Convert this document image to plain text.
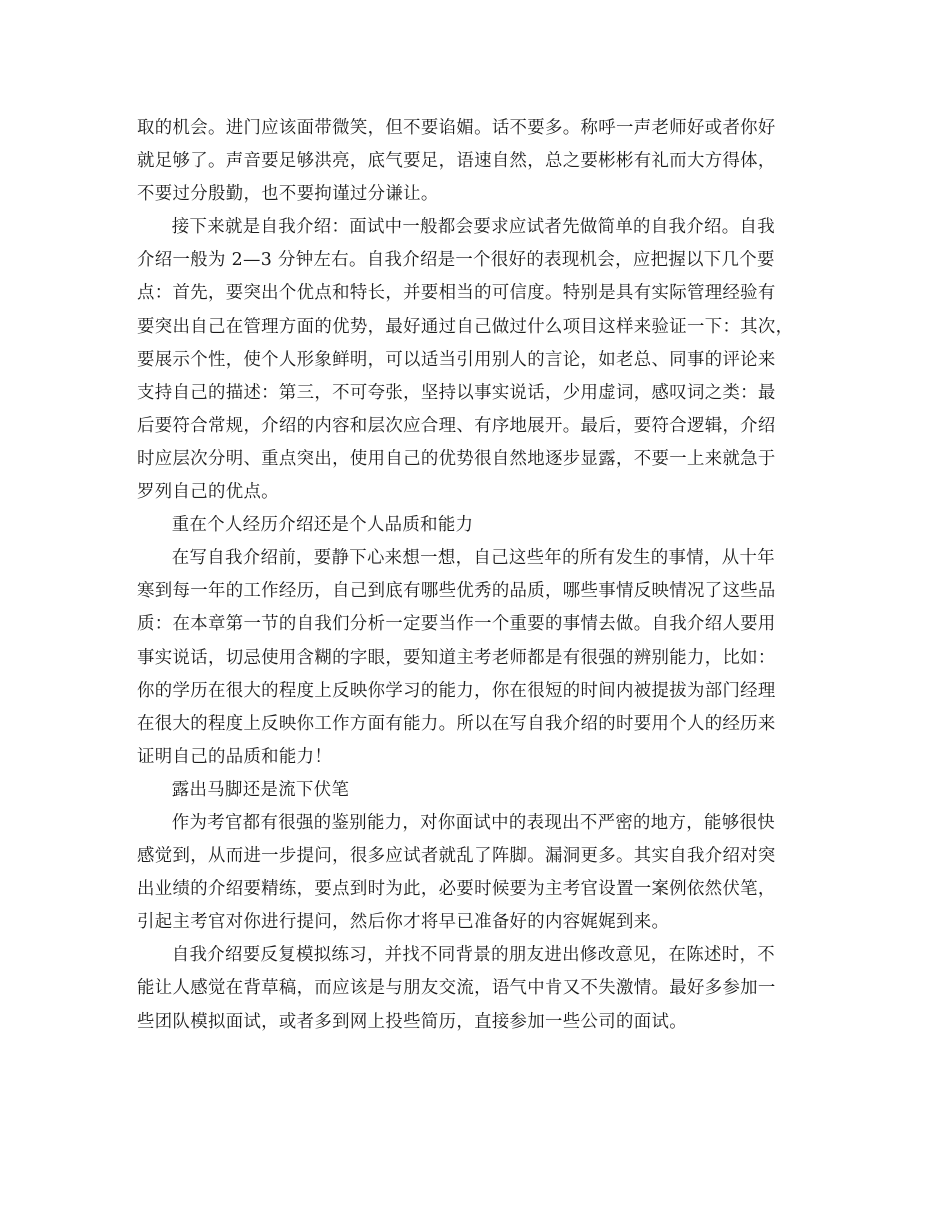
取的机会。进门应该面带微笑，但不要谄媚。话不要多。称呼一声老师好或者你好
就足够了。声音要足够洪亮，底气要足，语速自然，总之要彬彬有礼而大方得体，
不要过分殷勤，也不要拘谨过分谦让。

接下来就是自我介绍：面试中一般都会要求应试者先做简单的自我介绍。自我
介绍一般为 2—3 分钟左右。自我介绍是一个很好的表现机会，应把握以下几个要
点：首先，要突出个优点和特长，并要相当的可信度。特别是具有实际管理经验有
要突出自己在管理方面的优势，最好通过自己做过什么项目这样来验证一下：其次，
要展示个性，使个人形象鲜明，可以适当引用别人的言论，如老总、同事的评论来
支持自己的描述：第三，不可夸张，坚持以事实说话，少用虚词，感叹词之类：最
后要符合常规，介绍的内容和层次应合理、有序地展开。最后，要符合逻辑，介绍
时应层次分明、重点突出，使用自己的优势很自然地逐步显露，不要一上来就急于
罗列自己的优点。

重在个人经历介绍还是个人品质和能力

在写自我介绍前，要静下心来想一想，自己这些年的所有发生的事情，从十年
寒到每一年的工作经历，自己到底有哪些优秀的品质，哪些事情反映情况了这些品
质：在本章第一节的自我们分析一定要当作一个重要的事情去做。自我介绍人要用
事实说话，切忌使用含糊的字眼，要知道主考老师都是有很强的辨别能力，比如：
你的学历在很大的程度上反映你学习的能力，你在很短的时间内被提拔为部门经理
在很大的程度上反映你工作方面有能力。所以在写自我介绍的时要用个人的经历来
证明自己的品质和能力！

露出马脚还是流下伏笔

作为考官都有很强的鉴别能力，对你面试中的表现出不严密的地方，能够很快
感觉到，从而进一步提问，很多应试者就乱了阵脚。漏洞更多。其实自我介绍对突
出业绩的介绍要精练，要点到时为此，必要时候要为主考官设置一案例依然伏笔，
引起主考官对你进行提问，然后你才将早已准备好的内容娓娓到来。

自我介绍要反复模拟练习，并找不同背景的朋友进出修改意见，在陈述时，不
能让人感觉在背草稿，而应该是与朋友交流，语气中肯又不失激情。最好多参加一
些团队模拟面试，或者多到网上投些简历，直接参加一些公司的面试。
